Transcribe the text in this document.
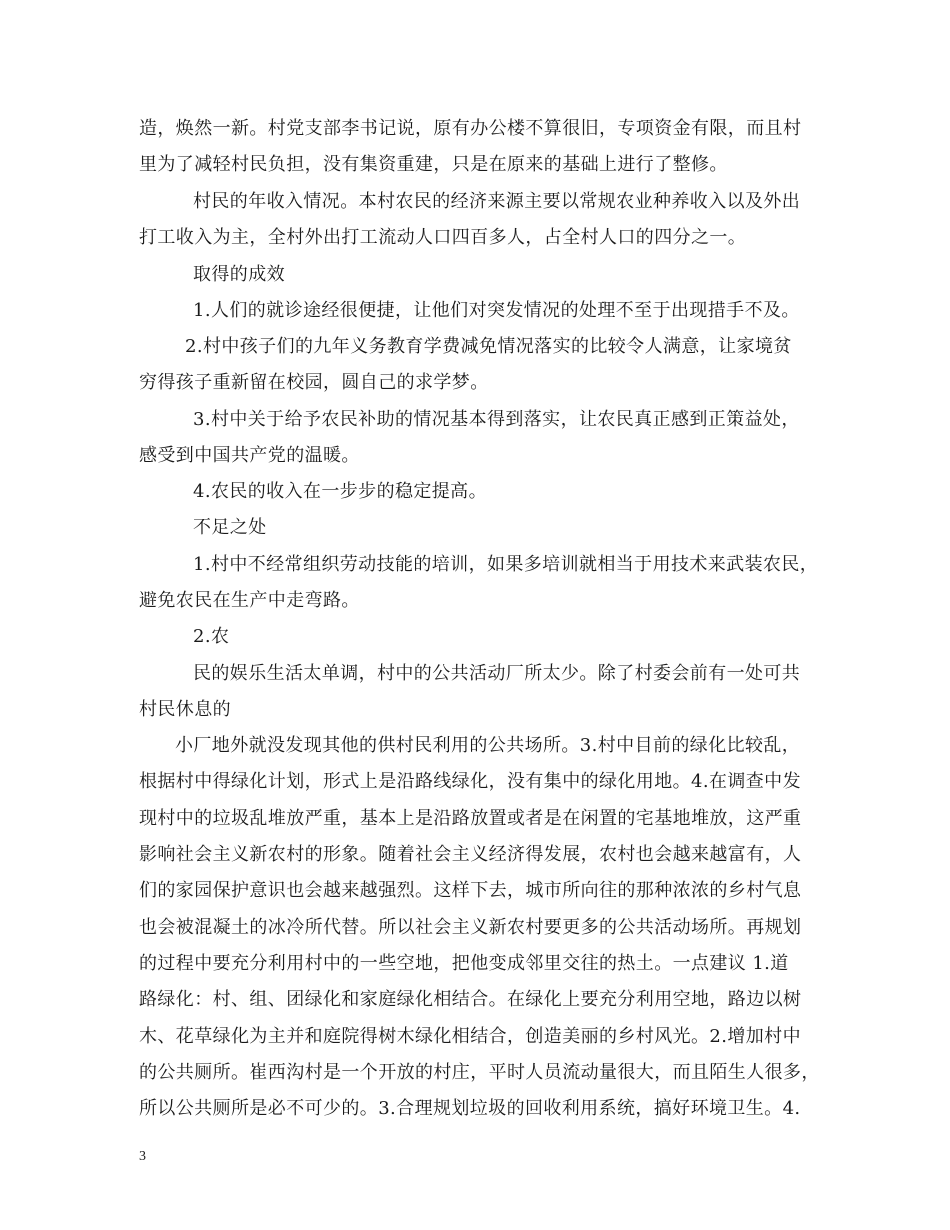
造，焕然一新。村党支部李书记说，原有办公楼不算很旧，专项资金有限，而且村
里为了减轻村民负担，没有集资重建，只是在原来的基础上进行了整修。
村民的年收入情况。本村农民的经济来源主要以常规农业种养收入以及外出
打工收入为主，全村外出打工流动人口四百多人，占全村人口的四分之一。
取得的成效
1.人们的就诊途经很便捷，让他们对突发情况的处理不至于出现措手不及。
2.村中孩子们的九年义务教育学费减免情况落实的比较令人满意，让家境贫
穷得孩子重新留在校园，圆自己的求学梦。
3.村中关于给予农民补助的情况基本得到落实，让农民真正感到正策益处，
感受到中国共产党的温暖。
4.农民的收入在一步步的稳定提高。
不足之处
1.村中不经常组织劳动技能的培训，如果多培训就相当于用技术来武装农民，
避免农民在生产中走弯路。
2.农
民的娱乐生活太单调，村中的公共活动厂所太少。除了村委会前有一处可共
村民休息的
小厂地外就没发现其他的供村民利用的公共场所。3.村中目前的绿化比较乱，
根据村中得绿化计划，形式上是沿路线绿化，没有集中的绿化用地。4.在调查中发
现村中的垃圾乱堆放严重，基本上是沿路放置或者是在闲置的宅基地堆放，这严重
影响社会主义新农村的形象。随着社会主义经济得发展，农村也会越来越富有，人
们的家园保护意识也会越来越强烈。这样下去，城市所向往的那种浓浓的乡村气息
也会被混凝土的冰冷所代替。所以社会主义新农村要更多的公共活动场所。再规划
的过程中要充分利用村中的一些空地，把他变成邻里交往的热土。一点建议 1.道
路绿化：村、组、团绿化和家庭绿化相结合。在绿化上要充分利用空地，路边以树
木、花草绿化为主并和庭院得树木绿化相结合，创造美丽的乡村风光。2.增加村中
的公共厕所。崔西沟村是一个开放的村庄，平时人员流动量很大，而且陌生人很多，
所以公共厕所是必不可少的。3.合理规划垃圾的回收利用系统，搞好环境卫生。4.
3
